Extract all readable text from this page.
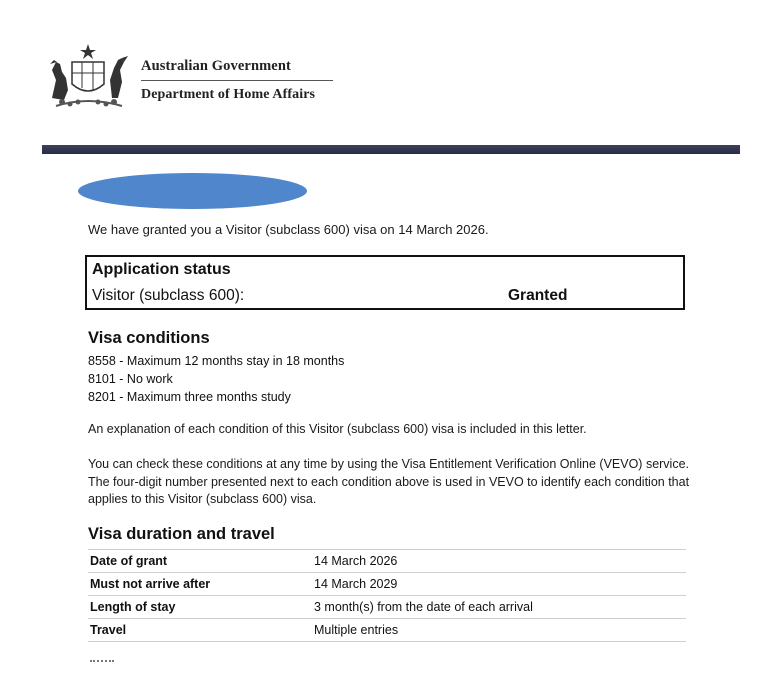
Australian Government
Department of Home Affairs
We have granted you a Visitor (subclass 600) visa on 14 March 2026.
Application status
Visitor (subclass 600):	Granted
Visa conditions
8558 - Maximum 12 months stay in 18 months
8101 - No work
8201 - Maximum three months study
An explanation of each condition of this Visitor (subclass 600) visa is included in this letter.
You can check these conditions at any time by using the Visa Entitlement Verification Online (VEVO) service. The four-digit number presented next to each condition above is used in VEVO to identify each condition that applies to this Visitor (subclass 600) visa.
Visa duration and travel
Date of grant	14 March 2026
Must not arrive after	14 March 2029
Length of stay	3 month(s) from the date of each arrival
Travel	Multiple entries
